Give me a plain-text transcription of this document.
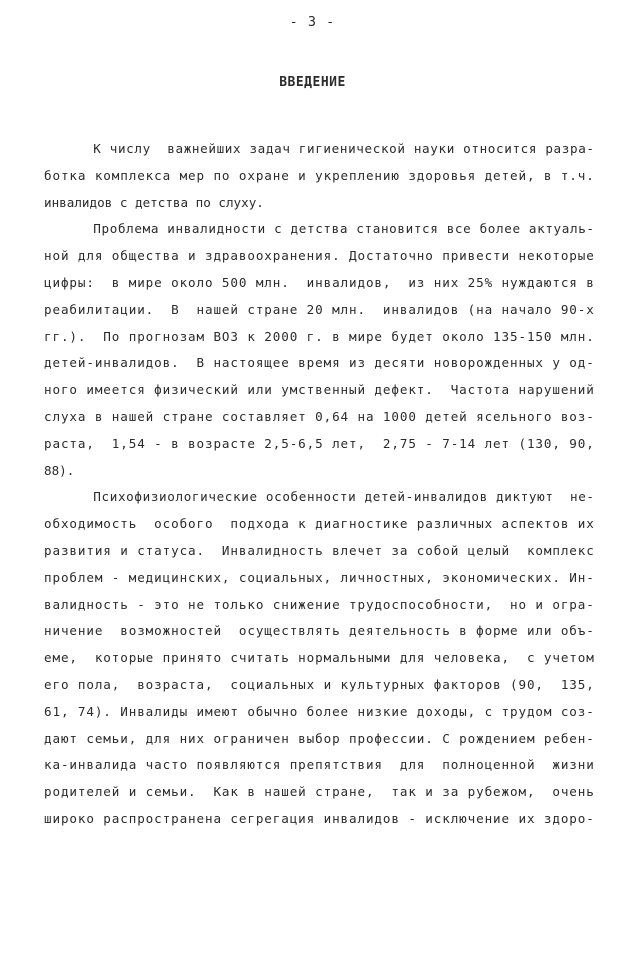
- 3 -
ВВЕДЕНИЕ
К числу  важнейших задач гигиенической науки относится разра-
ботка комплекса мер по охране и укреплению здоровья детей, в т.ч.
инвалидов с детства по слуху.
Проблема инвалидности с детства становится все более актуаль-
ной для общества и здравоохранения. Достаточно привести некоторые
цифры:  в мире около 500 млн.  инвалидов,  из них 25% нуждаются в
реабилитации.  В  нашей стране 20 млн.  инвалидов (на начало 90-х
гг.).  По прогнозам ВОЗ к 2000 г. в мире будет около 135-150 млн.
детей-инвалидов.  В настоящее время из десяти новорожденных у од-
ного имеется физический или умственный дефект.  Частота нарушений
слуха в нашей стране составляет 0,64 на 1000 детей ясельного воз-
раста,  1,54 - в возрасте 2,5-6,5 лет,  2,75 - 7-14 лет (130, 90,
88).
Психофизиологические особенности детей-инвалидов диктуют  не-
обходимость  особого  подхода к диагностике различных аспектов их
развития и статуса.  Инвалидность влечет за собой целый  комплекс
проблем - медицинских, социальных, личностных, экономических. Ин-
валидность - это не только снижение трудоспособности,  но и огра-
ничение  возможностей  осуществлять деятельность в форме или объ-
еме,  которые принято считать нормальными для человека,  с учетом
его пола,  возраста,  социальных и культурных факторов (90,  135,
61, 74). Инвалиды имеют обычно более низкие доходы, с трудом соз-
дают семьи, для них ограничен выбор профессии. С рождением ребен-
ка-инвалида часто появляются препятствия  для  полноценной  жизни
родителей и семьи.  Как в нашей стране,  так и за рубежом,  очень
широко распространена сегрегация инвалидов - исключение их здоро-
